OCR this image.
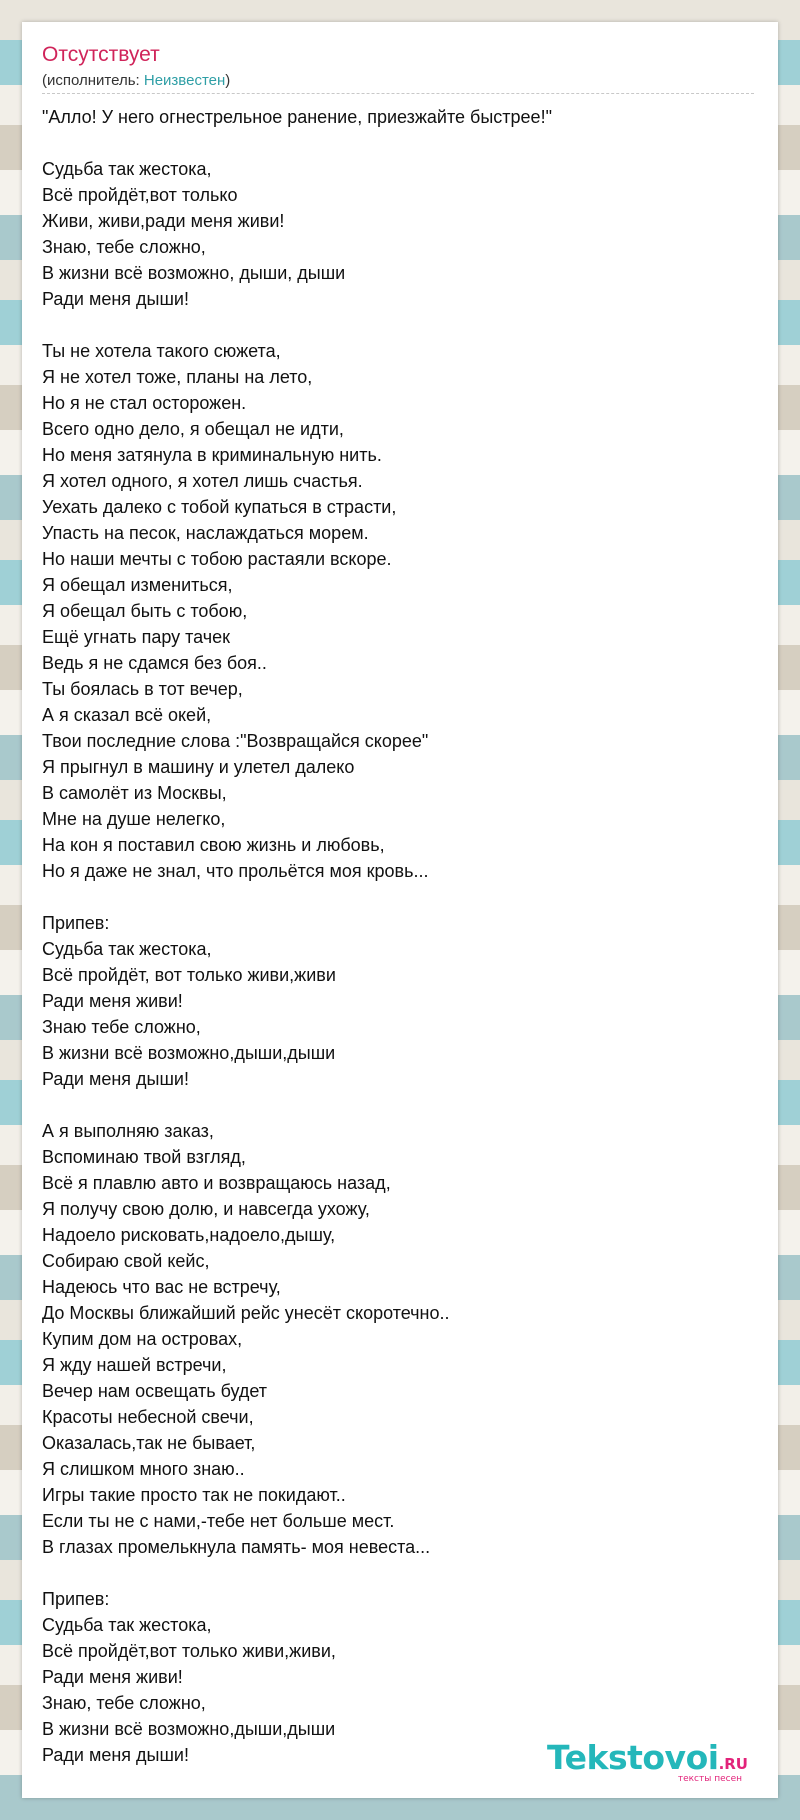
Отсутствует
(исполнитель: Неизвестен)
"Алло! У него огнестрельное ранение, приезжайте быстрее!"
Судьба так жестока,
Всё пройдёт,вот только
Живи, живи,ради меня живи!
Знаю, тебе сложно,
В жизни всё возможно, дыши, дыши
Ради меня дыши!
Ты не хотела такого сюжета,
Я не хотел тоже, планы на лето,
Но я не стал осторожен.
Всего одно дело, я обещал не идти,
Но меня затянула в криминальную нить.
Я хотел одного, я хотел лишь счастья.
Уехать далеко с тобой купаться в страсти,
Упасть на песок, наслаждаться морем.
Но наши мечты с тобою растаяли вскоре.
Я обещал измениться,
Я обещал быть с тобою,
Ещё угнать пару тачек
Ведь я не сдамся без боя..
Ты боялась в тот вечер,
А я сказал всё окей,
Твои последние слова :"Возвращайся скорее"
Я прыгнул в машину и улетел далеко
В самолёт из Москвы,
Мне на душе нелегко,
На кон я поставил свою жизнь и любовь,
Но я даже не знал, что прольётся моя кровь...
Припев:
Судьба так жестока,
Всё пройдёт, вот только живи,живи
Ради меня живи!
Знаю тебе сложно,
В жизни всё возможно,дыши,дыши
Ради меня дыши!
А я выполняю заказ,
Вспоминаю твой взгляд,
Всё я плавлю авто и возвращаюсь назад,
Я получу свою долю, и навсегда ухожу,
Надоело рисковать,надоело,дышу,
Собираю свой кейс,
Надеюсь что вас не встречу,
До Москвы ближайший рейс унесёт скоротечно..
Купим дом на островах,
Я жду нашей встречи,
Вечер нам освещать будет
Красоты небесной свечи,
Оказалась,так не бывает,
Я слишком много знаю..
Игры такие просто так не покидают..
Если ты не с нами,-тебе нет больше мест.
В глазах промелькнула память- моя невеста...
Припев:
Судьба так жестока,
Всё пройдёт,вот только живи,живи,
Ради меня живи!
Знаю, тебе сложно,
В жизни всё возможно,дыши,дыши
Ради меня дыши!	Tekstovoi.RU
тексты песен
